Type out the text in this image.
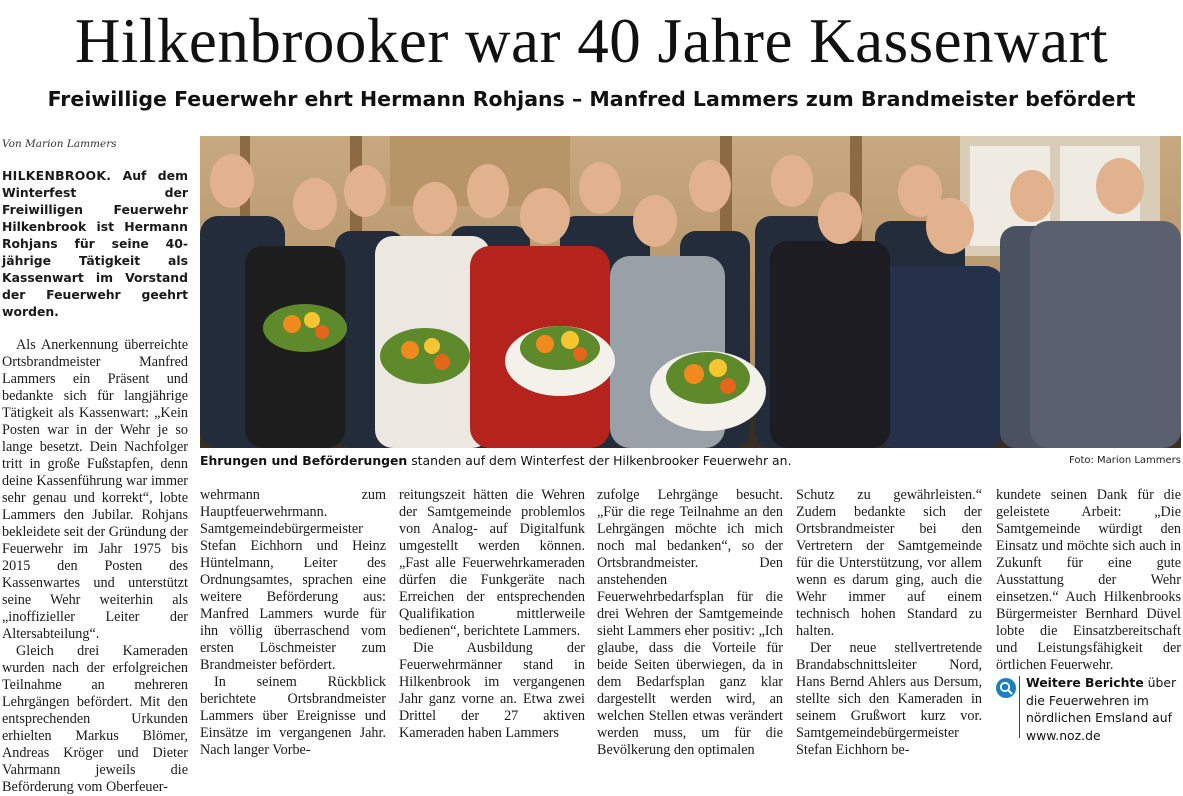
Hilkenbrooker war 40 Jahre Kassenwart
Freiwillige Feuerwehr ehrt Hermann Rohjans – Manfred Lammers zum Brandmeister befördert
Von Marion Lammers

HILKENBROOK. Auf dem Winterfest der Freiwilligen Feuerwehr Hilkenbrook ist Hermann Rohjans für seine 40-jährige Tätigkeit als Kassenwart im Vorstand der Feuerwehr geehrt worden.

Als Anerkennung überreichte Ortsbrandmeister Manfred Lammers ein Präsent und bedankte sich für langjährige Tätigkeit als Kassenwart: „Kein Posten war in der Wehr je so lange besetzt. Dein Nachfolger tritt in große Fußstapfen, denn deine Kassenführung war immer sehr genau und korrekt“, lobte Lammers den Jubilar. Rohjans bekleidete seit der Gründung der Feuerwehr im Jahr 1975 bis 2015 den Posten des Kassenwartes und unterstützt seine Wehr weiterhin als „inoffizieller Leiter der Altersabteilung“.

Gleich drei Kameraden wurden nach der erfolgreichen Teilnahme an mehreren Lehrgängen befördert. Mit den entsprechenden Urkunden erhielten Markus Blömer, Andreas Kröger und Dieter Vahrmann jeweils die Beförderung vom Oberfeuer-

Ehrungen und Beförderungen standen auf dem Winterfest der Hilkenbrooker Feuerwehr an.	Foto: Marion Lammers

wehrmann zum Hauptfeuerwehrmann. Samtgemeindebürgermeister Stefan Eichhorn und Heinz Hüntelmann, Leiter des Ordnungsamtes, sprachen eine weitere Beförderung aus: Manfred Lammers wurde für ihn völlig überraschend vom ersten Löschmeister zum Brandmeister befördert.

In seinem Rückblick berichtete Ortsbrandmeister Lammers über Ereignisse und Einsätze im vergangenen Jahr. Nach langer Vorbe-

reitungszeit hätten die Wehren der Samtgemeinde problemlos von Analog- auf Digitalfunk umgestellt werden können. „Fast alle Feuerwehrkameraden dürfen die Funkgeräte nach Erreichen der entsprechenden Qualifikation mittlerweile bedienen“, berichtete Lammers.

Die Ausbildung der Feuerwehrmänner stand in Hilkenbrook im vergangenen Jahr ganz vorne an. Etwa zwei Drittel der 27 aktiven Kameraden haben Lammers

zufolge Lehrgänge besucht. „Für die rege Teilnahme an den Lehrgängen möchte ich mich noch mal bedanken“, so der Ortsbrandmeister. Den anstehenden Feuerwehrbedarfsplan für die drei Wehren der Samtgemeinde sieht Lammers eher positiv: „Ich glaube, dass die Vorteile für beide Seiten überwiegen, da in dem Bedarfsplan ganz klar dargestellt werden wird, an welchen Stellen etwas verändert werden muss, um für die Bevölkerung den optimalen

Schutz zu gewährleisten.“ Zudem bedankte sich der Ortsbrandmeister bei den Vertretern der Samtgemeinde für die Unterstützung, vor allem wenn es darum ging, auch die Wehr immer auf einem technisch hohen Standard zu halten.

Der neue stellvertretende Brandabschnittsleiter Nord, Hans Bernd Ahlers aus Dersum, stellte sich den Kameraden in seinem Grußwort kurz vor. Samtgemeindebürgermeister Stefan Eichhorn be-

kundete seinen Dank für die geleistete Arbeit: „Die Samtgemeinde würdigt den Einsatz und möchte sich auch in Zukunft für eine gute Ausstattung der Wehr einsetzen.“ Auch Hilkenbrooks Bürgermeister Bernhard Düvel lobte die Einsatzbereitschaft und Leistungsfähigkeit der örtlichen Feuerwehr.

Weitere Berichte über die Feuerwehren im nördlichen Emsland auf www.noz.de
